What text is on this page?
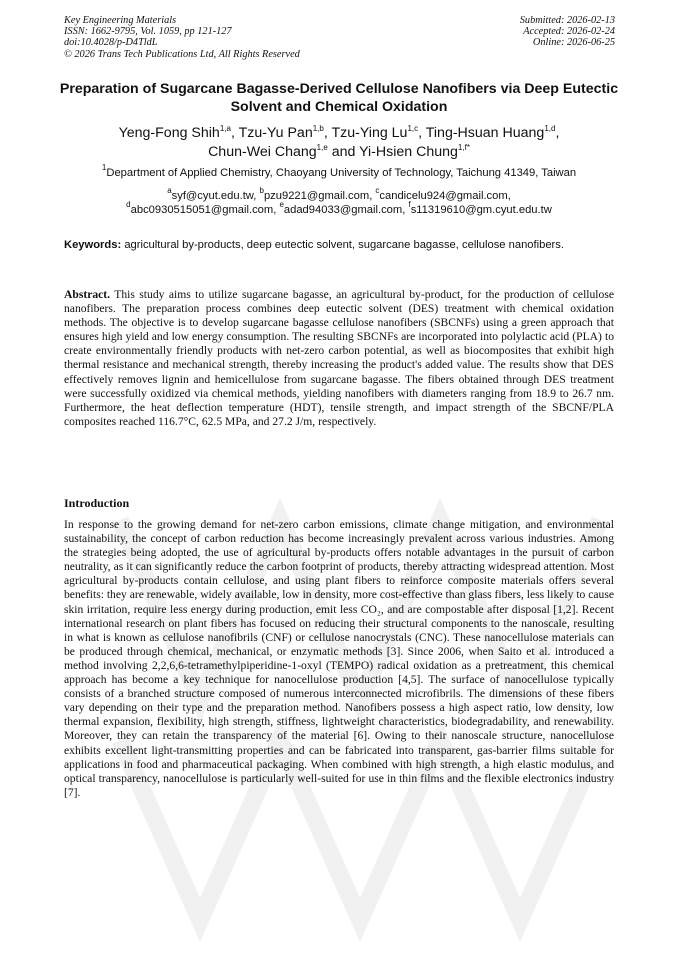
Key Engineering Materials
ISSN: 1662-9795, Vol. 1059, pp 121-127
doi:10.4028/p-D4TldL
© 2026 Trans Tech Publications Ltd, All Rights Reserved
Submitted: 2026-02-13
Accepted: 2026-02-24
Online: 2026-06-25
Preparation of Sugarcane Bagasse-Derived Cellulose Nanofibers via Deep Eutectic Solvent and Chemical Oxidation
Yeng-Fong Shih$^{1,a}$, Tzu-Yu Pan$^{1,b}$, Tzu-Ying Lu$^{1,c}$, Ting-Hsuan Huang$^{1,d}$,
Chun-Wei Chang$^{1,e}$ and Yi-Hsien Chung$^{1,f*}$
$^1$Department of Applied Chemistry, Chaoyang University of Technology, Taichung 41349, Taiwan
$^a$syf@cyut.edu.tw, $^b$pzu9221@gmail.com, $^c$candicelu924@gmail.com,
$^d$abc0930515051@gmail.com, $^e$adad94033@gmail.com, $^f$s11319610@gm.cyut.edu.tw
Keywords: agricultural by-products, deep eutectic solvent, sugarcane bagasse, cellulose nanofibers.

Abstract. This study aims to utilize sugarcane bagasse, an agricultural by-product, for the production of cellulose nanofibers. The preparation process combines deep eutectic solvent (DES) treatment with chemical oxidation methods. The objective is to develop sugarcane bagasse cellulose nanofibers (SBCNFs) using a green approach that ensures high yield and low energy consumption. The resulting SBCNFs are incorporated into polylactic acid (PLA) to create environmentally friendly products with net-zero carbon potential, as well as biocomposites that exhibit high thermal resistance and mechanical strength, thereby increasing the product's added value. The results show that DES effectively removes lignin and hemicellulose from sugarcane bagasse. The fibers obtained through DES treatment were successfully oxidized via chemical methods, yielding nanofibers with diameters ranging from 18.9 to 26.7 nm. Furthermore, the heat deflection temperature (HDT), tensile strength, and impact strength of the SBCNF/PLA composites reached 116.7°C, 62.5 MPa, and 27.2 J/m, respectively.

Introduction

In response to the growing demand for net-zero carbon emissions, climate change mitigation, and environmental sustainability, the concept of carbon reduction has become increasingly prevalent across various industries. Among the strategies being adopted, the use of agricultural by-products offers notable advantages in the pursuit of carbon neutrality, as it can significantly reduce the carbon footprint of products, thereby attracting widespread attention. Most agricultural by-products contain cellulose, and using plant fibers to reinforce composite materials offers several benefits: they are renewable, widely available, low in density, more cost-effective than glass fibers, less likely to cause skin irritation, require less energy during production, emit less CO₂, and are compostable after disposal [1,2]. Recent international research on plant fibers has focused on reducing their structural components to the nanoscale, resulting in what is known as cellulose nanofibrils (CNF) or cellulose nanocrystals (CNC). These nanocellulose materials can be produced through chemical, mechanical, or enzymatic methods [3]. Since 2006, when Saito et al. introduced a method involving 2,2,6,6-tetramethylpiperidine-1-oxyl (TEMPO) radical oxidation as a pretreatment, this chemical approach has become a key technique for nanocellulose production [4,5]. The surface of nanocellulose typically consists of a branched structure composed of numerous interconnected microfibrils. The dimensions of these fibers vary depending on their type and the preparation method. Nanofibers possess a high aspect ratio, low density, low thermal expansion, flexibility, high strength, stiffness, lightweight characteristics, biodegradability, and renewability. Moreover, they can retain the transparency of the material [6]. Owing to their nanoscale structure, nanocellulose exhibits excellent light-transmitting properties and can be fabricated into transparent, gas-barrier films suitable for applications in food and pharmaceutical packaging. When combined with high strength, a high elastic modulus, and optical transparency, nanocellulose is particularly well-suited for use in thin films and the flexible electronics industry [7].
